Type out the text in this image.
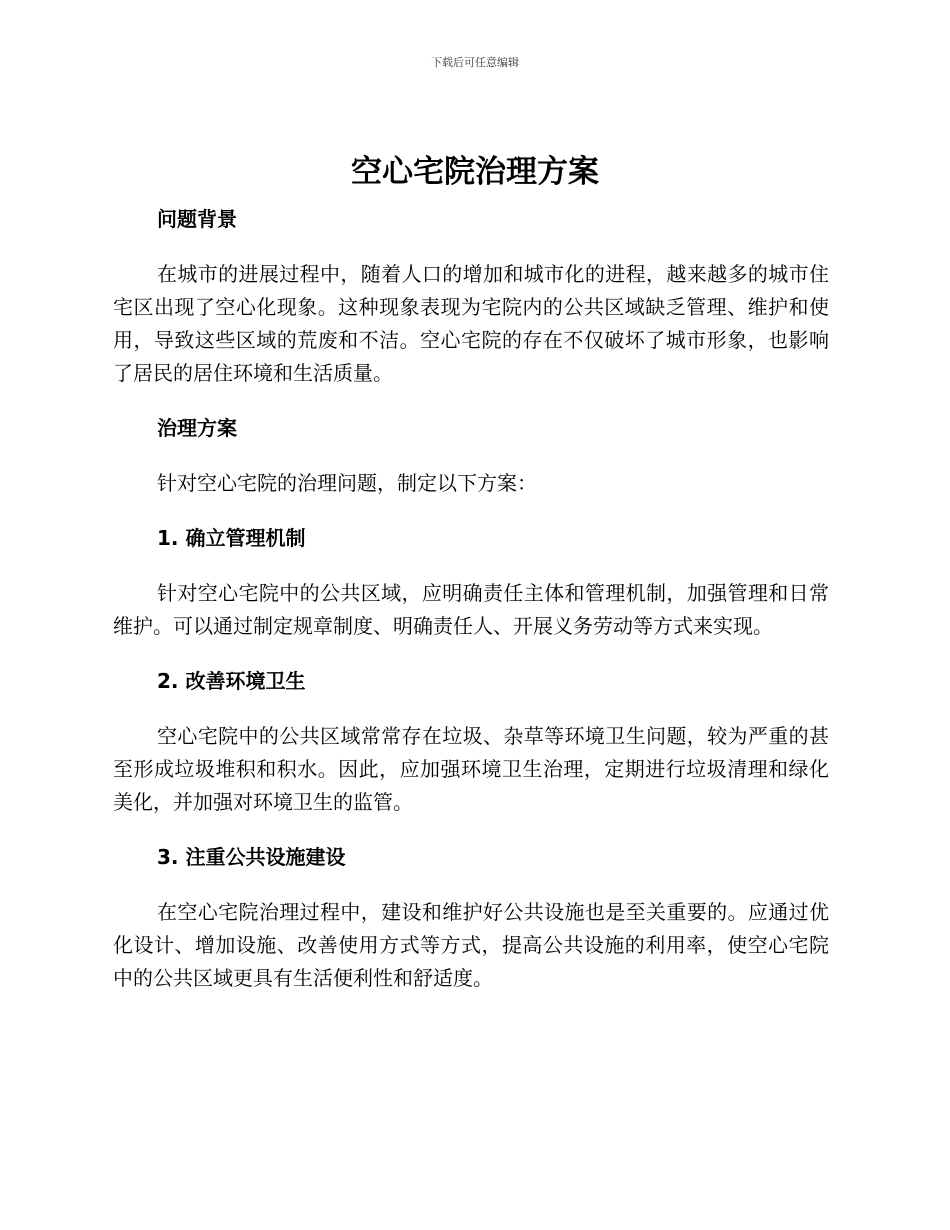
下载后可任意编辑
空心宅院治理方案
问题背景

在城市的进展过程中，随着人口的增加和城市化的进程，越来越多的城市住宅区出现了空心化现象。这种现象表现为宅院内的公共区域缺乏管理、维护和使用，导致这些区域的荒废和不洁。空心宅院的存在不仅破坏了城市形象，也影响了居民的居住环境和生活质量。

治理方案

针对空心宅院的治理问题，制定以下方案：

1. 确立管理机制

针对空心宅院中的公共区域，应明确责任主体和管理机制，加强管理和日常维护。可以通过制定规章制度、明确责任人、开展义务劳动等方式来实现。

2. 改善环境卫生

空心宅院中的公共区域常常存在垃圾、杂草等环境卫生问题，较为严重的甚至形成垃圾堆积和积水。因此，应加强环境卫生治理，定期进行垃圾清理和绿化美化，并加强对环境卫生的监管。

3. 注重公共设施建设

在空心宅院治理过程中，建设和维护好公共设施也是至关重要的。应通过优化设计、增加设施、改善使用方式等方式，提高公共设施的利用率，使空心宅院中的公共区域更具有生活便利性和舒适度。
